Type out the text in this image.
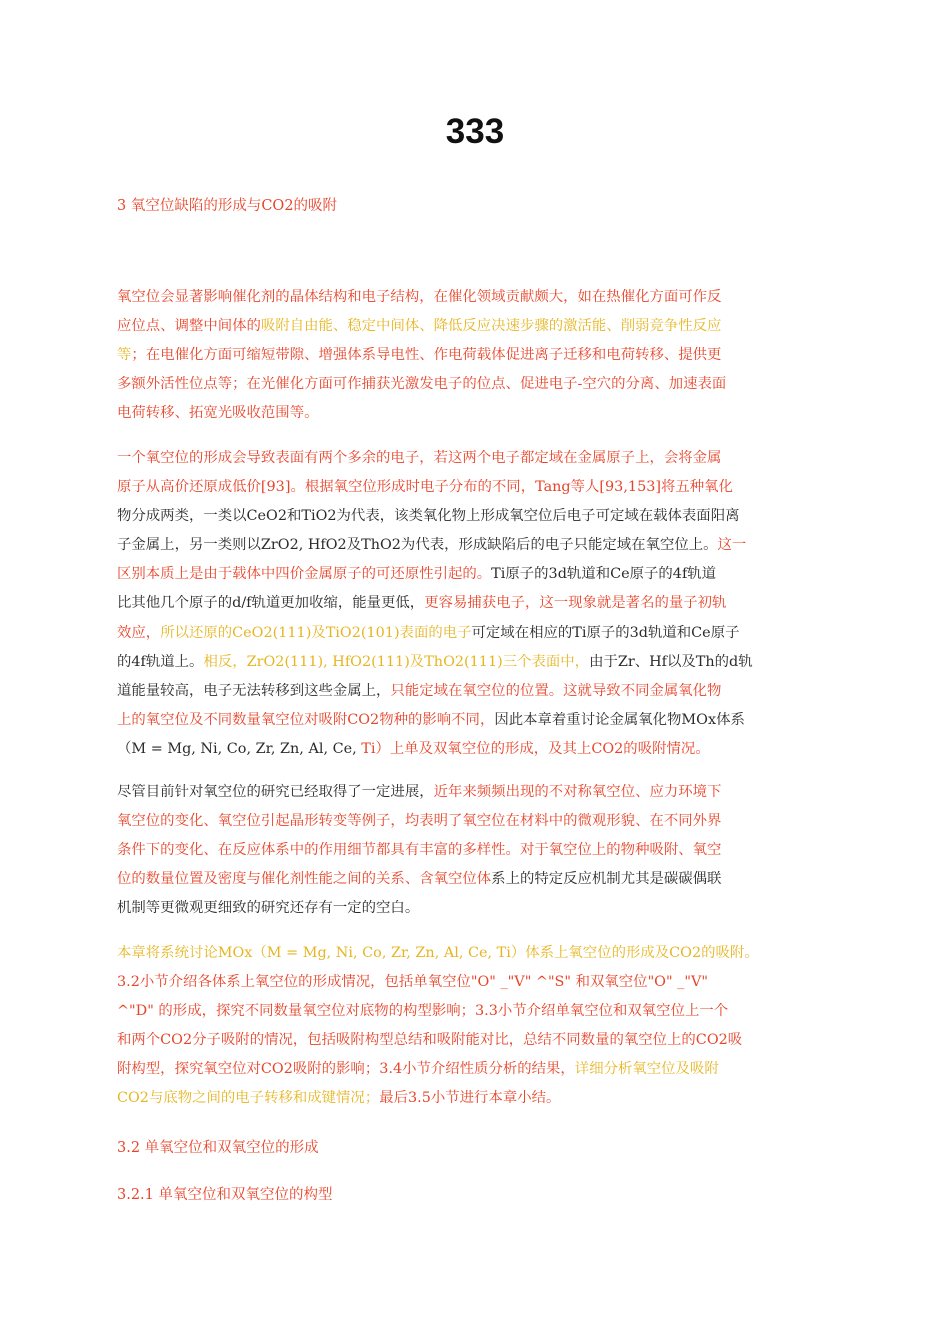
333

3 氧空位缺陷的形成与CO2的吸附

氧空位会显著影响催化剂的晶体结构和电子结构，在催化领域贡献颇大，如在热催化方面可作反
应位点、调整中间体的吸附自由能、稳定中间体、降低反应决速步骤的激活能、削弱竞争性反应
等；在电催化方面可缩短带隙、增强体系导电性、作电荷载体促进离子迁移和电荷转移、提供更
多额外活性位点等；在光催化方面可作捕获光激发电子的位点、促进电子-空穴的分离、加速表面
电荷转移、拓宽光吸收范围等。
一个氧空位的形成会导致表面有两个多余的电子，若这两个电子都定域在金属原子上，会将金属
原子从高价还原成低价[93]。根据氧空位形成时电子分布的不同，Tang等人[93,153]将五种氧化
物分成两类，一类以CeO2和TiO2为代表，该类氧化物上形成氧空位后电子可定域在载体表面阳离
子金属上，另一类则以ZrO2, HfO2及ThO2为代表，形成缺陷后的电子只能定域在氧空位上。这一
区别本质上是由于载体中四价金属原子的可还原性引起的。Ti原子的3d轨道和Ce原子的4f轨道
比其他几个原子的d/f轨道更加收缩，能量更低，更容易捕获电子，这一现象就是著名的量子初轨
效应，所以还原的CeO2(111)及TiO2(101)表面的电子可定域在相应的Ti原子的3d轨道和Ce原子
的4f轨道上。相反，ZrO2(111), HfO2(111)及ThO2(111)三个表面中，由于Zr、Hf以及Th的d轨
道能量较高，电子无法转移到这些金属上，只能定域在氧空位的位置。这就导致不同金属氧化物
上的氧空位及不同数量氧空位对吸附CO2物种的影响不同，因此本章着重讨论金属氧化物MOx体系
（M = Mg, Ni, Co, Zr, Zn, Al, Ce, Ti）上单及双氧空位的形成，及其上CO2的吸附情况。
尽管目前针对氧空位的研究已经取得了一定进展，近年来频频出现的不对称氧空位、应力环境下
氧空位的变化、氧空位引起晶形转变等例子，均表明了氧空位在材料中的微观形貌、在不同外界
条件下的变化、在反应体系中的作用细节都具有丰富的多样性。对于氧空位上的物种吸附、氧空
位的数量位置及密度与催化剂性能之间的关系、含氧空位体系上的特定反应机制尤其是碳碳偶联
机制等更微观更细致的研究还存有一定的空白。
本章将系统讨论MOx（M = Mg, Ni, Co, Zr, Zn, Al, Ce, Ti）体系上氧空位的形成及CO2的吸附。
3.2小节介绍各体系上氧空位的形成情况，包括单氧空位"O" _"V" ^"S" 和双氧空位"O" _"V"
^"D" 的形成，探究不同数量氧空位对底物的构型影响；3.3小节介绍单氧空位和双氧空位上一个
和两个CO2分子吸附的情况，包括吸附构型总结和吸附能对比，总结不同数量的氧空位上的CO2吸
附构型，探究氧空位对CO2吸附的影响；3.4小节介绍性质分析的结果，详细分析氧空位及吸附
CO2与底物之间的电子转移和成键情况；最后3.5小节进行本章小结。

3.2 单氧空位和双氧空位的形成

3.2.1 单氧空位和双氧空位的构型
